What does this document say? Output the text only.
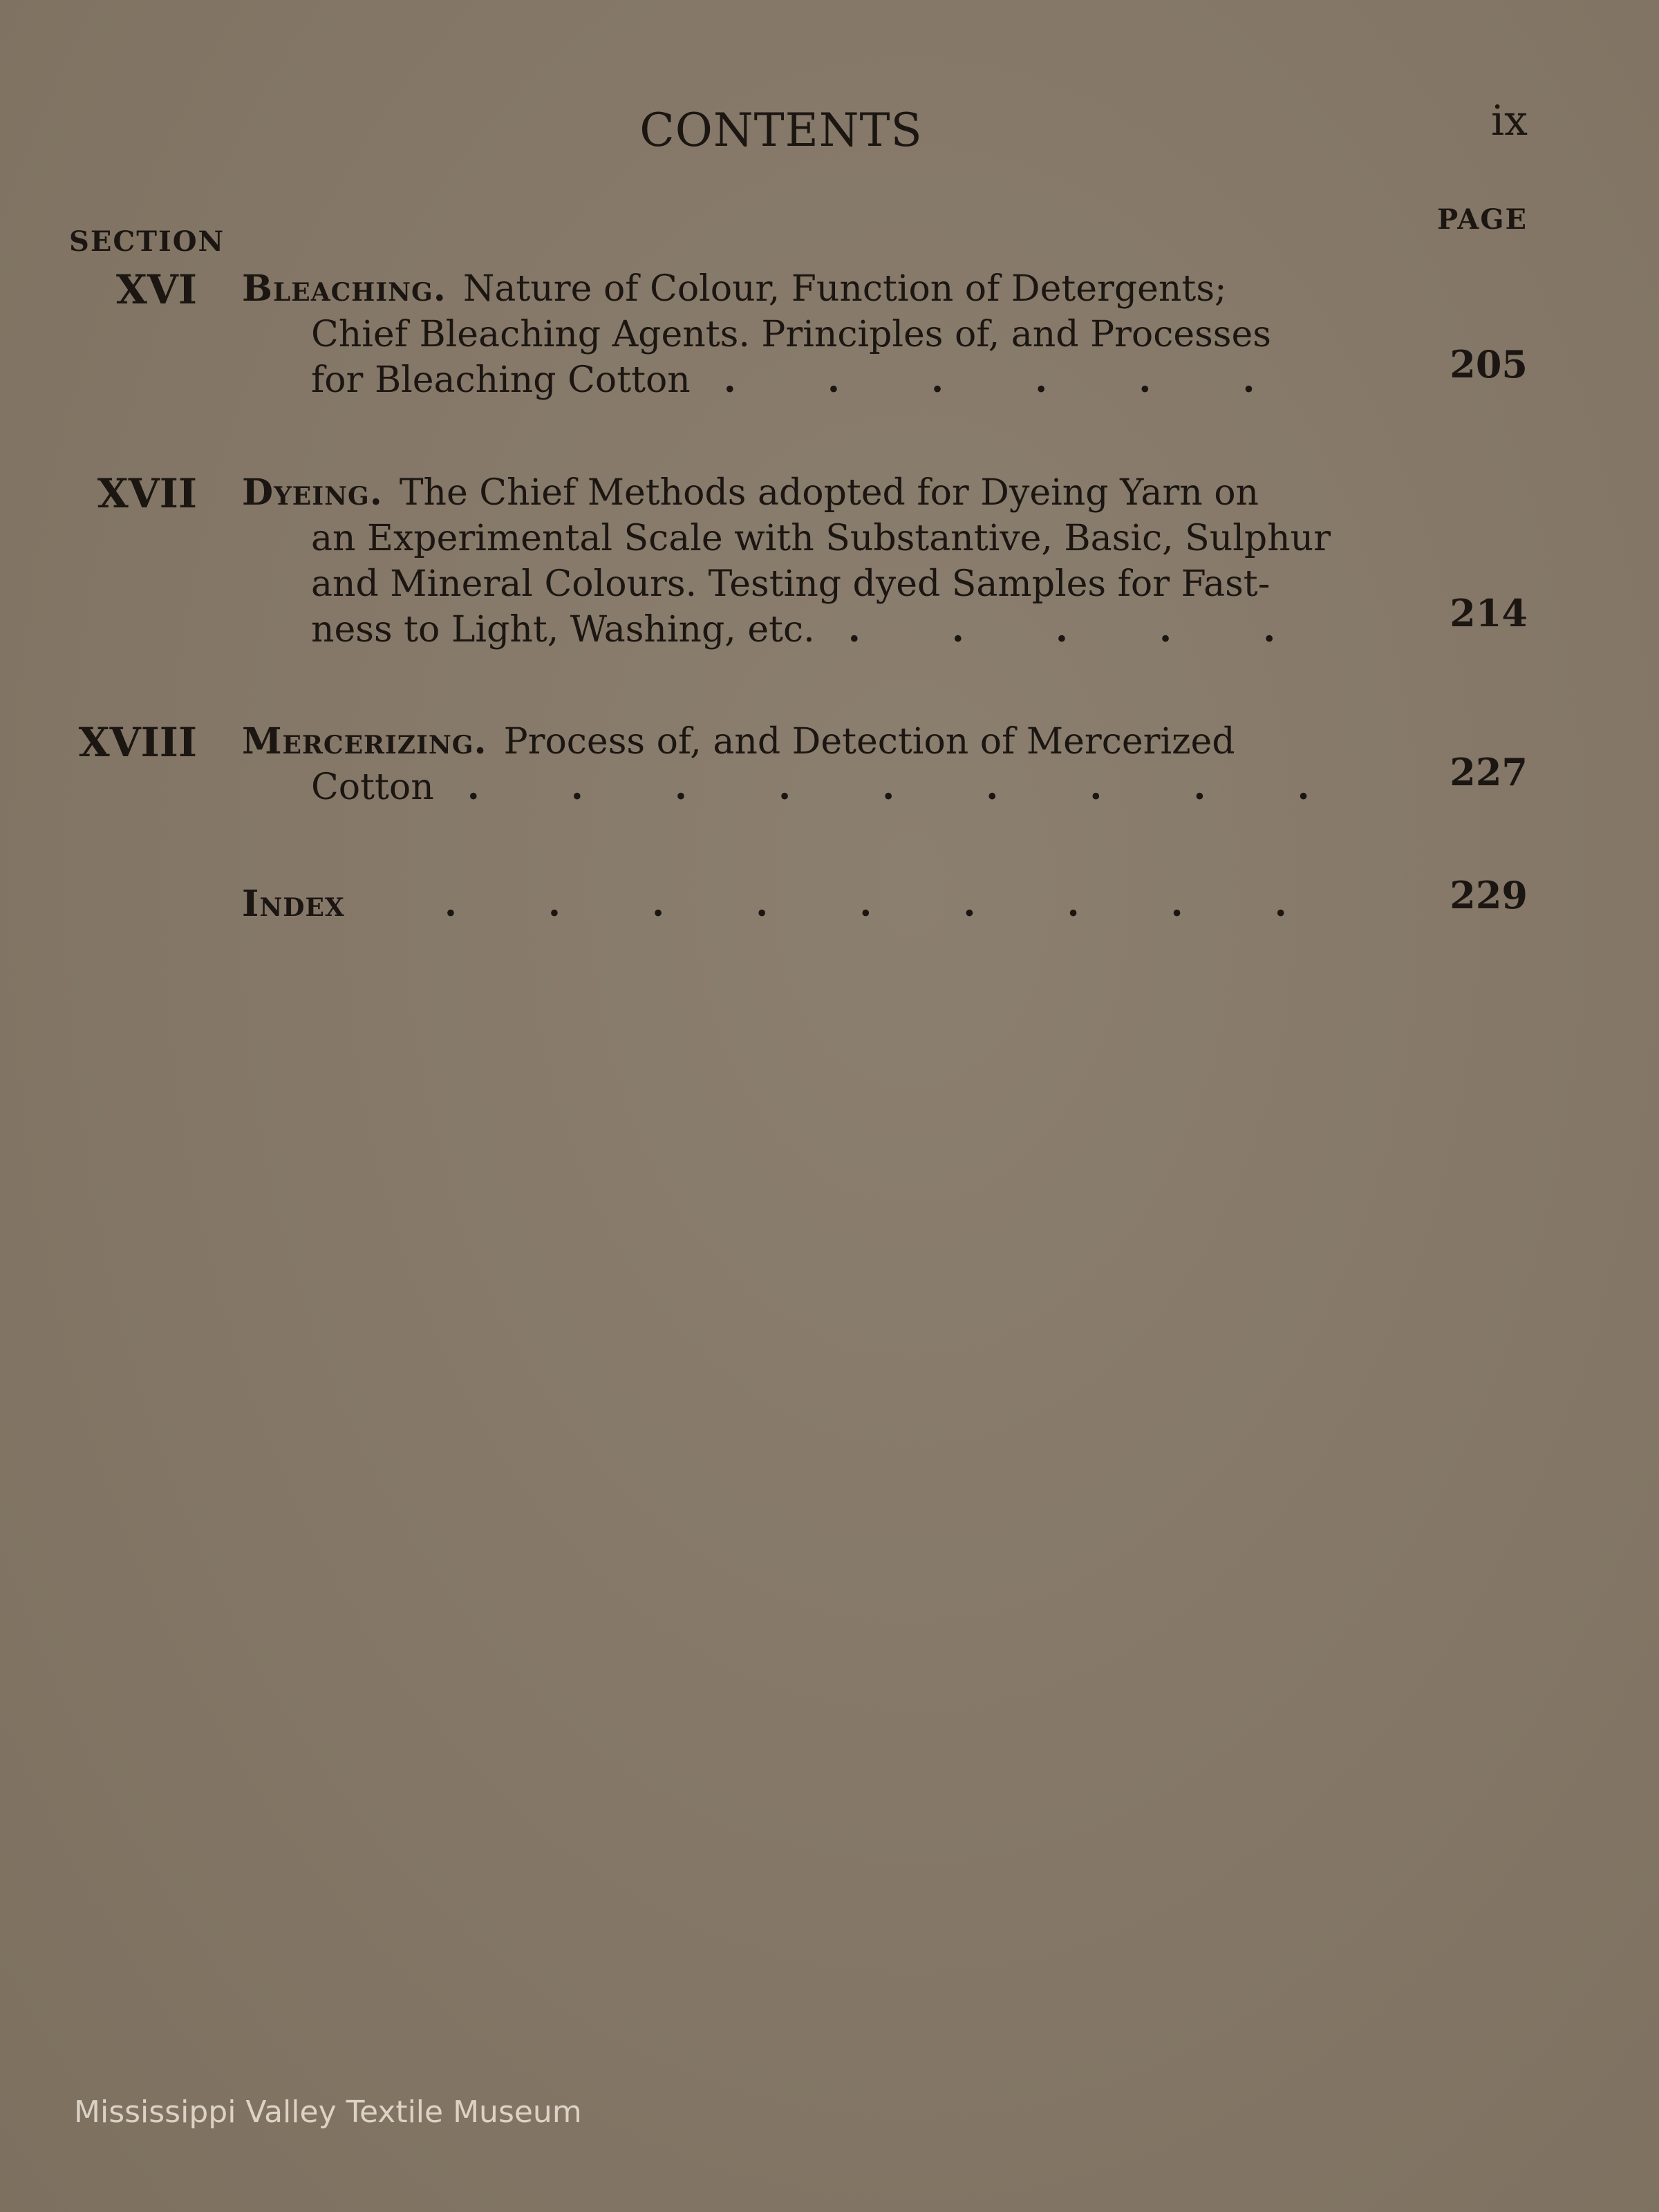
CONTENTS	ix
SECTION
PAGE
XVI Bleaching. Nature of Colour, Function of Detergents;
Chief Bleaching Agents. Principles of, and Processes
for Bleaching Cotton ......	205
XVII Dyeing. The Chief Methods adopted for Dyeing Yarn on
an Experimental Scale with Substantive, Basic, Sulphur
and Mineral Colours. Testing dyed Samples for Fast-
ness to Light, Washing, etc. .....	214
XVIII Mercerizing. Process of, and Detection of Mercerized
Cotton .........	227
Index	.........	229
Mississippi Valley Textile Museum
